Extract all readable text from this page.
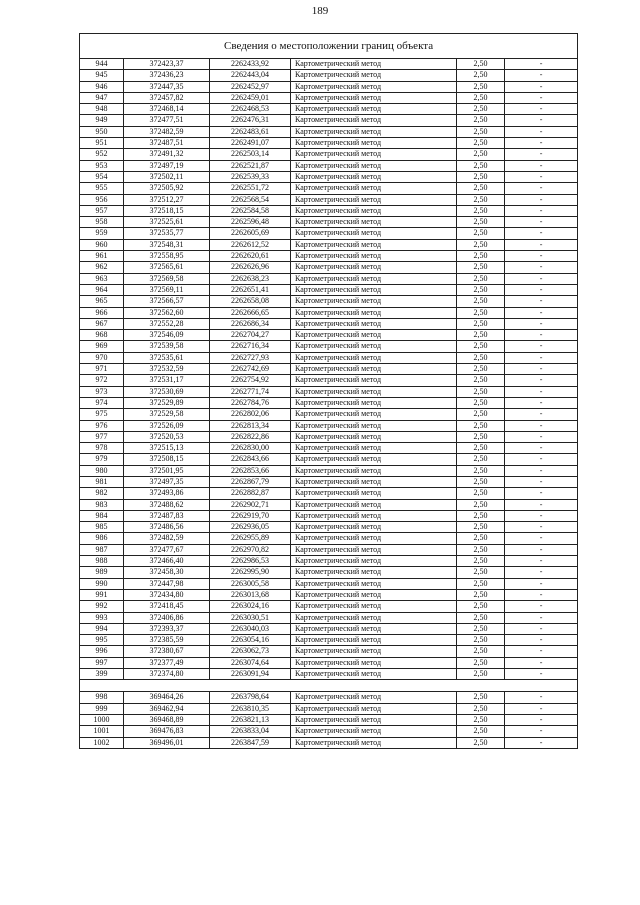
189
Сведения о местоположении границ объекта					
944	372423,37	2262433,92	Картометрический метод	2,50	-
945	372436,23	2262443,04	Картометрический метод	2,50	-
946	372447,35	2262452,97	Картометрический метод	2,50	-
947	372457,82	2262459,01	Картометрический метод	2,50	-
948	372468,14	2262468,53	Картометрический метод	2,50	-
949	372477,51	2262476,31	Картометрический метод	2,50	-
950	372482,59	2262483,61	Картометрический метод	2,50	-
951	372487,51	2262491,07	Картометрический метод	2,50	-
952	372491,32	2262503,14	Картометрический метод	2,50	-
953	372497,19	2262521,87	Картометрический метод	2,50	-
954	372502,11	2262539,33	Картометрический метод	2,50	-
955	372505,92	2262551,72	Картометрический метод	2,50	-
956	372512,27	2262568,54	Картометрический метод	2,50	-
957	372518,15	2262584,58	Картометрический метод	2,50	-
958	372525,61	2262596,48	Картометрический метод	2,50	-
959	372535,77	2262605,69	Картометрический метод	2,50	-
960	372548,31	2262612,52	Картометрический метод	2,50	-
961	372558,95	2262620,61	Картометрический метод	2,50	-
962	372565,61	2262626,96	Картометрический метод	2,50	-
963	372569,58	2262638,23	Картометрический метод	2,50	-
964	372569,11	2262651,41	Картометрический метод	2,50	-
965	372566,57	2262658,08	Картометрический метод	2,50	-
966	372562,60	2262666,65	Картометрический метод	2,50	-
967	372552,28	2262686,34	Картометрический метод	2,50	-
968	372546,09	2262704,27	Картометрический метод	2,50	-
969	372539,58	2262716,34	Картометрический метод	2,50	-
970	372535,61	2262727,93	Картометрический метод	2,50	-
971	372532,59	2262742,69	Картометрический метод	2,50	-
972	372531,17	2262754,92	Картометрический метод	2,50	-
973	372530,69	2262771,74	Картометрический метод	2,50	-
974	372529,89	2262784,76	Картометрический метод	2,50	-
975	372529,58	2262802,06	Картометрический метод	2,50	-
976	372526,09	2262813,34	Картометрический метод	2,50	-
977	372520,53	2262822,86	Картометрический метод	2,50	-
978	372515,13	2262830,00	Картометрический метод	2,50	-
979	372508,15	2262843,66	Картометрический метод	2,50	-
980	372501,95	2262853,66	Картометрический метод	2,50	-
981	372497,35	2262867,79	Картометрический метод	2,50	-
982	372493,86	2262882,87	Картометрический метод	2,50	-
983	372488,62	2262902,71	Картометрический метод	2,50	-
984	372487,83	2262919,70	Картометрический метод	2,50	-
985	372486,56	2262936,05	Картометрический метод	2,50	-
986	372482,59	2262955,89	Картометрический метод	2,50	-
987	372477,67	2262970,82	Картометрический метод	2,50	-
988	372466,40	2262986,53	Картометрический метод	2,50	-
989	372458,30	2262995,90	Картометрический метод	2,50	-
990	372447,98	2263005,58	Картометрический метод	2,50	-
991	372434,80	2263013,68	Картометрический метод	2,50	-
992	372418,45	2263024,16	Картометрический метод	2,50	-
993	372406,86	2263030,51	Картометрический метод	2,50	-
994	372393,37	2263040,03	Картометрический метод	2,50	-
995	372385,59	2263054,16	Картометрический метод	2,50	-
996	372380,67	2263062,73	Картометрический метод	2,50	-
997	372377,49	2263074,64	Картометрический метод	2,50	-
399	372374,80	2263091,94	Картометрический метод	2,50	-

998	369464,26	2263798,64	Картометрический метод	2,50	-
999	369462,94	2263810,35	Картометрический метод	2,50	-
1000	369468,89	2263821,13	Картометрический метод	2,50	-
1001	369476,83	2263833,04	Картометрический метод	2,50	-
1002	369496,01	2263847,59	Картометрический метод	2,50	-
